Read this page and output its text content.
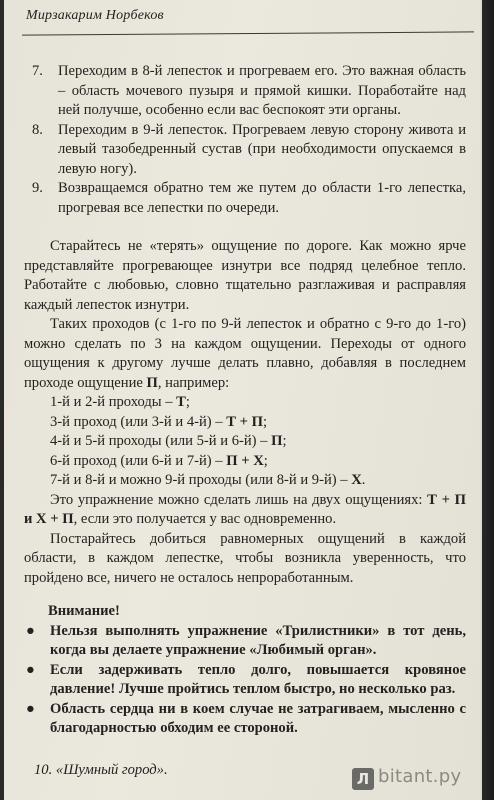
Мирзакарим Норбеков
7.	Переходим в 8-й лепесток и прогреваем его. Это важная область – область мочевого пузыря и прямой кишки. Поработайте над ней получше, особенно если вас беспокоят эти органы.
8.	Переходим в 9-й лепесток. Прогреваем левую сторону живота и левый тазобедренный сустав (при необходимости опускаемся в левую ногу).
9.	Возвращаемся обратно тем же путем до области 1-го лепестка, прогревая все лепестки по очереди.

Старайтесь не «терять» ощущение по дороге. Как можно ярче представляйте прогревающее изнутри все подряд целебное тепло. Работайте с любовью, словно тщательно разглаживая и расправляя каждый лепесток изнутри.

Таких проходов (с 1-го по 9-й лепесток и обратно с 9-го до 1-го) можно сделать по 3 на каждом ощущении. Переходы от одного ощущения к другому лучше делать плавно, добавляя в последнем проходе ощущение П, например:

1-й и 2-й проходы – Т;
3-й проход (или 3-й и 4-й) – Т + П;
4-й и 5-й проходы (или 5-й и 6-й) – П;
6-й проход (или 6-й и 7-й) – П + Х;
7-й и 8-й и можно 9-й проходы (или 8-й и 9-й) – Х.

Это упражнение можно сделать лишь на двух ощущениях: Т + П и Х + П, если это получается у вас одновременно.

Постарайтесь добиться равномерных ощущений в каждой области, в каждом лепестке, чтобы возникла уверенность, что пройдено все, ничего не осталось непроработанным.

Внимание!
●	Нельзя выполнять упражнение «Трилистники» в тот день, когда вы делаете упражнение «Любимый орган».
●	Если задерживать тепло долго, повышается кровяное давление! Лучше пройтись теплом быстро, но несколько раз.
●	Область сердца ни в коем случае не затрагиваем, мысленно с благодарностью обходим ее стороной.
10. «Шумный город».	Л bitant.ру
